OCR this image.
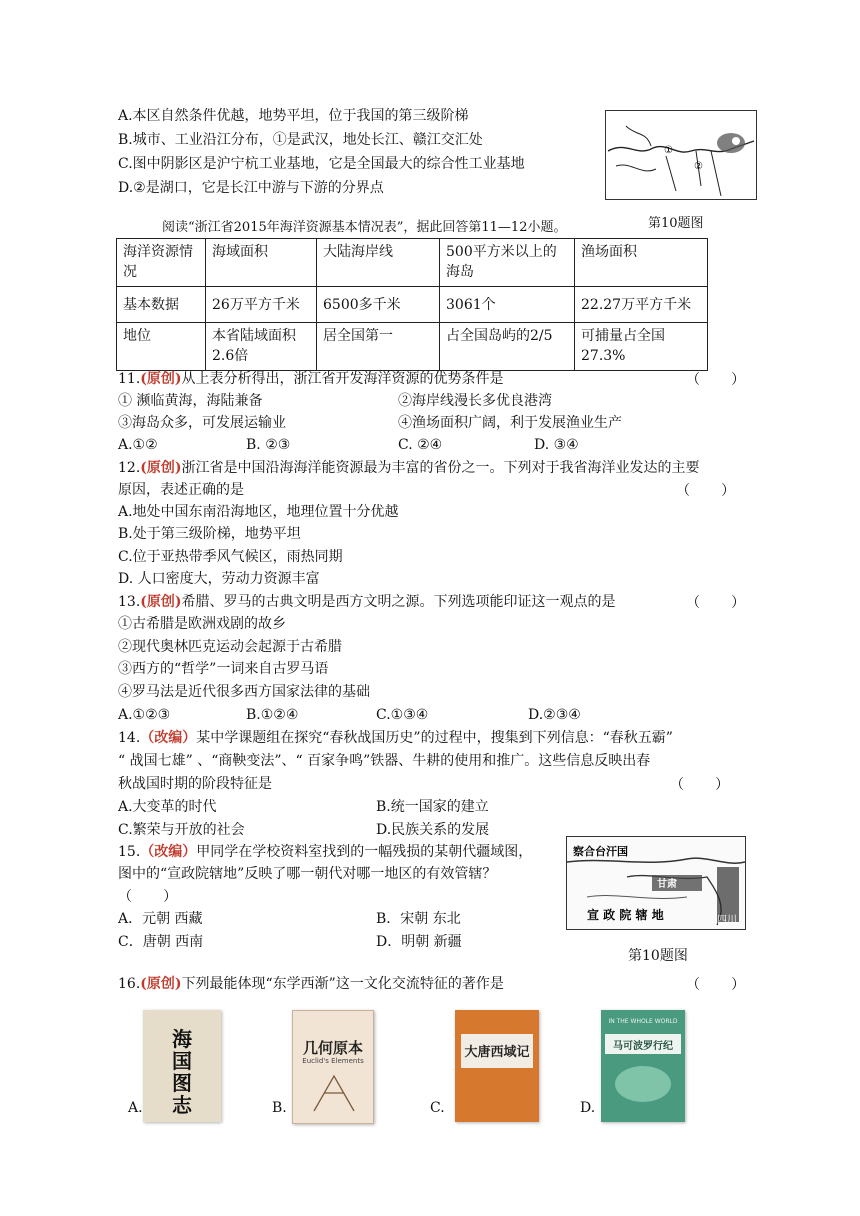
A.本区自然条件优越，地势平坦，位于我国的第三级阶梯
B.城市、工业沿江分布，①是武汉，地处长江、赣江交汇处
C.图中阴影区是沪宁杭工业基地，它是全国最大的综合性工业基地
D.②是湖口，它是长江中游与下游的分界点
①
②
第10题图
阅读“浙江省2015年海洋资源基本情况表”，据此回答第11—12小题。
海洋资源情况	海域面积	大陆海岸线	500平方米以上的海岛	渔场面积
基本数据	26万平方千米	6500多千米	3061个	22.27万平方千米
地位	本省陆域面积2.6倍	居全国第一	占全国岛屿的2/5	可捕量占全国27.3%
11.(原创)从上表分析得出，浙江省开发海洋资源的优势条件是	（       ）
① 濒临黄海，海陆兼备	②海岸线漫长多优良港湾
③海岛众多，可发展运输业	④渔场面积广阔，利于发展渔业生产
A.①②	B. ②③	C. ②④	D. ③④
12.(原创)浙江省是中国沿海海洋能资源最为丰富的省份之一。下列对于我省海洋业发达的主要
原因，表述正确的是	（       ）
A.地处中国东南沿海地区，地理位置十分优越
B.处于第三级阶梯，地势平坦
C.位于亚热带季风气候区，雨热同期
D. 人口密度大，劳动力资源丰富
13.(原创)希腊、罗马的古典文明是西方文明之源。下列选项能印证这一观点的是	（       ）
①古希腊是欧洲戏剧的故乡
②现代奥林匹克运动会起源于古希腊
③西方的“哲学”一词来自古罗马语
④罗马法是近代很多西方国家法律的基础
A.①②③	B.①②④	C.①③④	D.②③④
14.（改编）某中学课题组在探究“春秋战国历史”的过程中，搜集到下列信息：“春秋五霸”
“ 战国七雄” 、“商鞅变法”、“ 百家争鸣”铁器、牛耕的使用和推广。这些信息反映出春
秋战国时期的阶段特征是	（       ）
A.大变革的时代	B.统一国家的建立
C.繁荣与开放的社会	D.民族关系的发展
15.（改编）甲同学在学校资料室找到的一幅残损的某朝代疆域图，
图中的“宣政院辖地”反映了哪一朝代对哪一地区的有效管辖？
（       ）
A．元朝 西藏	B．宋朝 东北
C．唐朝 西南	D．明朝 新疆
察合台汗国
甘肃
宣 政 院 辖 地	四川
第10题图
16.(原创)下列最能体现“东学西渐”这一文化交流特征的著作是	（       ）
A.
海国图志	B.
几何原本
Euclid's Elements
C.
大唐西域记
D.
IN THE WHOLE WORLD
马可波罗行纪
